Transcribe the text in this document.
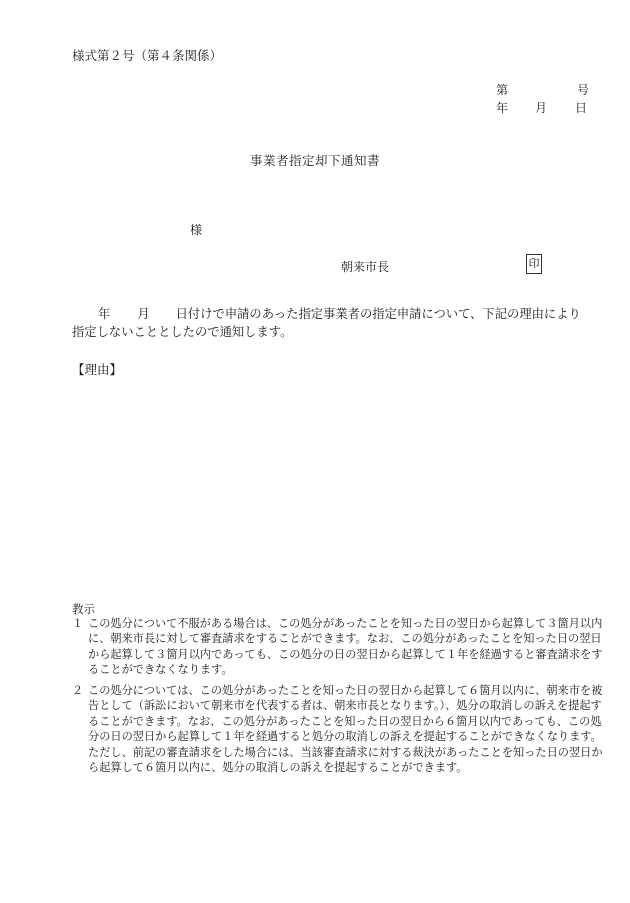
様式第２号（第４条関係）
第	号
年 月 日
事業者指定却下通知書
様
朝来市長	印
年 月 日付けで申請のあった指定事業者の指定申請について、下記の理由により指定しないこととしたので通知します。
【理由】
教示
１ この処分について不服がある場合は、この処分があったことを知った日の翌日から起算して３箇月以内に、朝来市長に対して審査請求をすることができます。なお、この処分があったことを知った日の翌日から起算して３箇月以内であっても、この処分の日の翌日から起算して１年を経過すると審査請求をすることができなくなります。
２ この処分については、この処分があったことを知った日の翌日から起算して６箇月以内に、朝来市を被告として（訴訟において朝来市を代表する者は、朝来市長となります。）、処分の取消しの訴えを提起することができます。なお、この処分があったことを知った日の翌日から６箇月以内であっても、この処分の日の翌日から起算して１年を経過すると処分の取消しの訴えを提起することができなくなります。ただし、前記の審査請求をした場合には、当該審査請求に対する裁決があったことを知った日の翌日から起算して６箇月以内に、処分の取消しの訴えを提起することができます。
